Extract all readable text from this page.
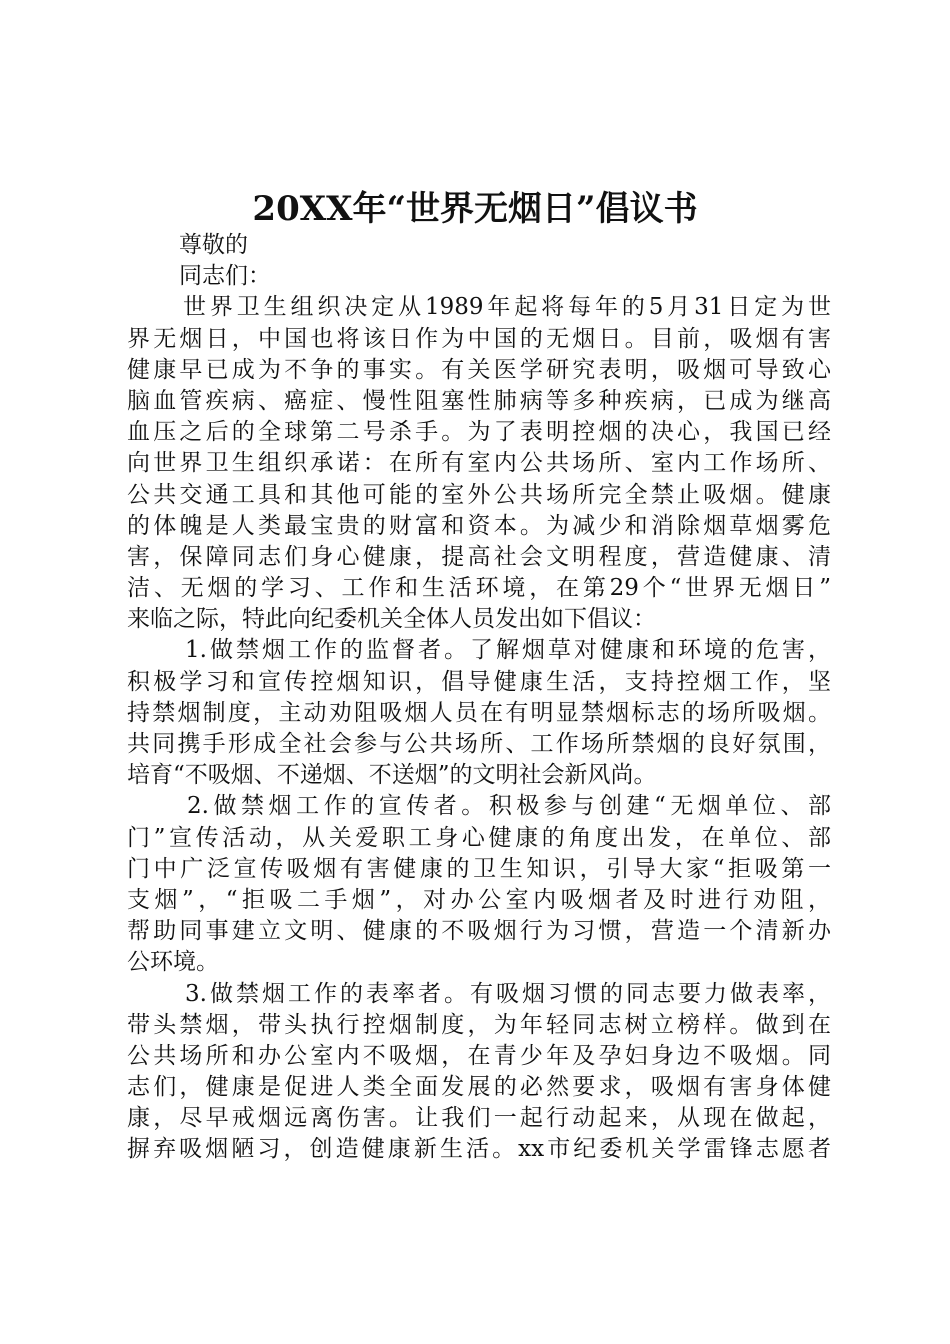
20XX年“世界无烟日”倡议书
尊敬的
同志们：
世界卫生组织决定从1989年起将每年的5月31日定为世
界无烟日，中国也将该日作为中国的无烟日。目前，吸烟有害
健康早已成为不争的事实。有关医学研究表明，吸烟可导致心
脑血管疾病、癌症、慢性阻塞性肺病等多种疾病，已成为继高
血压之后的全球第二号杀手。为了表明控烟的决心，我国已经
向世界卫生组织承诺：在所有室内公共场所、室内工作场所、
公共交通工具和其他可能的室外公共场所完全禁止吸烟。健康
的体魄是人类最宝贵的财富和资本。为减少和消除烟草烟雾危
害，保障同志们身心健康，提高社会文明程度，营造健康、清
洁、无烟的学习、工作和生活环境，在第29个“世界无烟日”
来临之际，特此向纪委机关全体人员发出如下倡议：
1.做禁烟工作的监督者。了解烟草对健康和环境的危害，
积极学习和宣传控烟知识，倡导健康生活，支持控烟工作，坚
持禁烟制度，主动劝阻吸烟人员在有明显禁烟标志的场所吸烟。
共同携手形成全社会参与公共场所、工作场所禁烟的良好氛围，
培育“不吸烟、不递烟、不送烟”的文明社会新风尚。
2.做禁烟工作的宣传者。积极参与创建“无烟单位、部
门”宣传活动，从关爱职工身心健康的角度出发，在单位、部
门中广泛宣传吸烟有害健康的卫生知识，引导大家“拒吸第一
支烟”，“拒吸二手烟”，对办公室内吸烟者及时进行劝阻，
帮助同事建立文明、健康的不吸烟行为习惯，营造一个清新办
公环境。
3.做禁烟工作的表率者。有吸烟习惯的同志要力做表率，
带头禁烟，带头执行控烟制度，为年轻同志树立榜样。做到在
公共场所和办公室内不吸烟，在青少年及孕妇身边不吸烟。同
志们，健康是促进人类全面发展的必然要求，吸烟有害身体健
康，尽早戒烟远离伤害。让我们一起行动起来，从现在做起，
摒弃吸烟陋习，创造健康新生活。xx市纪委机关学雷锋志愿者
